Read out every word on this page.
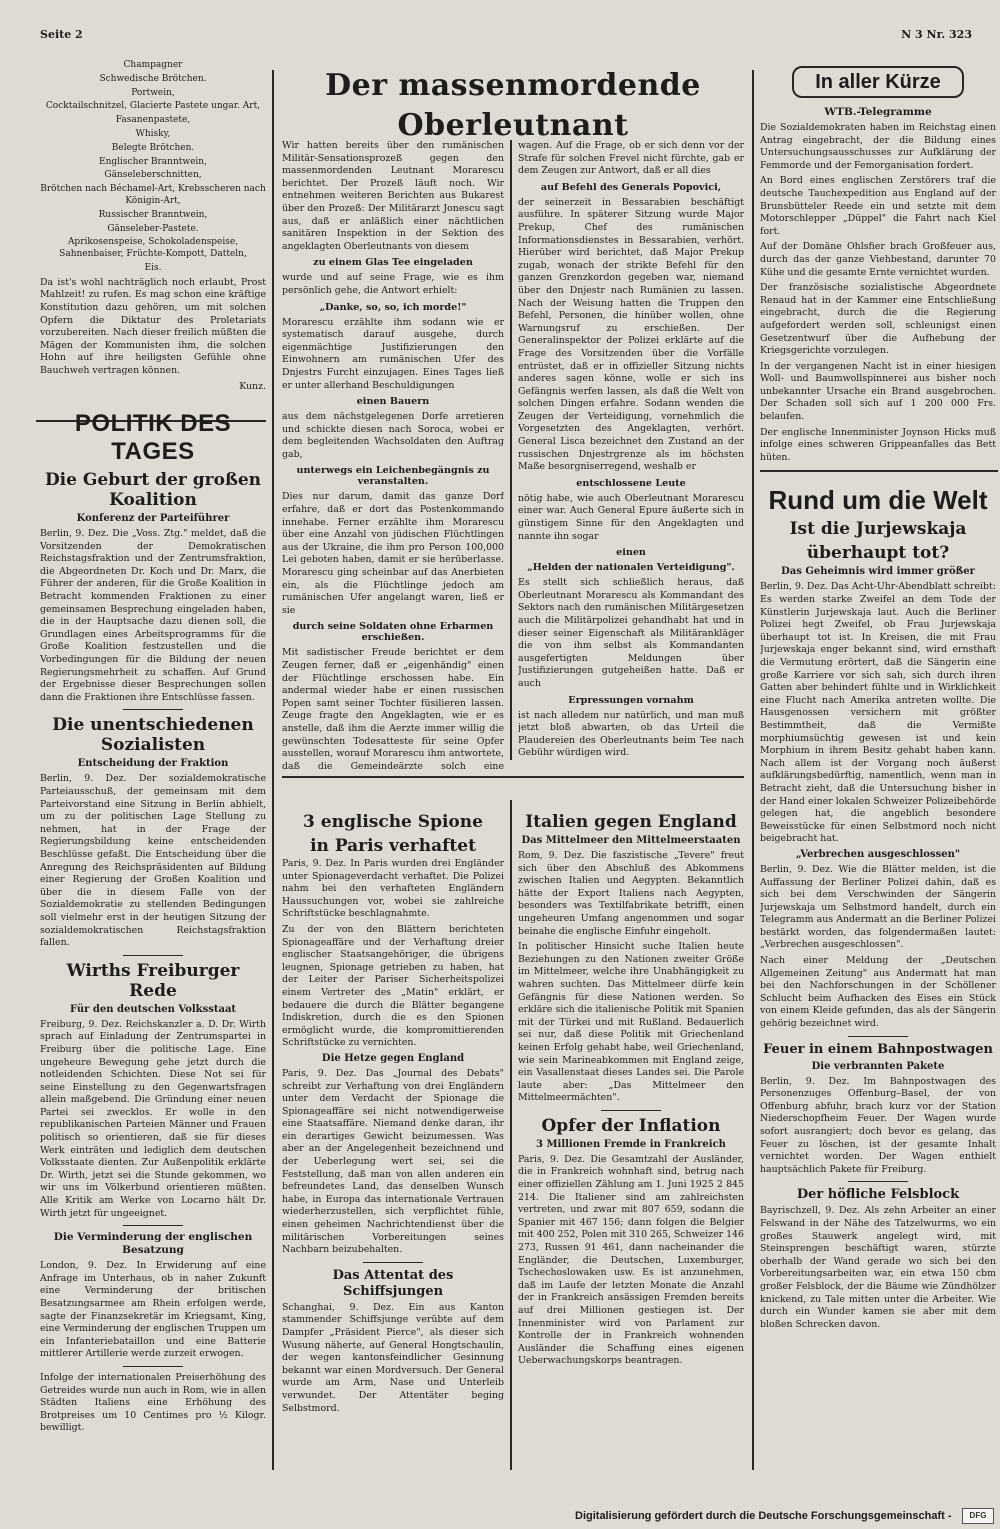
Seite 2	N 3 Nr. 323

Champagner

Schwedische Brötchen.

Portwein,

Cocktailschnitzel, Glacierte Pastete ungar. Art,

Fasanenpastete,

Whisky,

Belegte Brötchen.

Englischer Branntwein,

Gänseleberschnitten,

Brötchen nach Béchamel-Art, Krebsscheren nach Königin-Art,

Russischer Branntwein,

Gänseleber-Pastete.

Aprikosenspeise, Schokoladenspeise, Sahnenbaiser, Früchte-Kompott, Datteln,

Eis.

Da ist's wohl nachträglich noch erlaubt, Prost Mahlzeit! zu rufen. Es mag schon eine kräftige Konstitution dazu gehören, um mit solchen Opfern die Diktatur des Proletariats vorzubereiten. Nach dieser freilich müßten die Mägen der Kommunisten ihm, die solchen Hohn auf ihre heiligsten Gefühle ohne Bauchweh vertragen können.

Kunz.

POLITIK DES TAGES
Die Geburt der großen Koalition
Konferenz der Parteiführer

Berlin, 9. Dez. Die „Voss. Ztg." meldet, daß die Vorsitzenden der Demokratischen Reichstagsfraktion und der Zentrumsfraktion, die Abgeordneten Dr. Koch und Dr. Marx, die Führer der anderen, für die Große Koalition in Betracht kommenden Fraktionen zu einer gemeinsamen Besprechung eingeladen haben, die in der Hauptsache dazu dienen soll, die Grundlagen eines Arbeitsprogramms für die Große Koalition festzustellen und die Vorbedingungen für die Bildung der neuen Regierungsmehrheit zu schaffen. Auf Grund der Ergebnisse dieser Besprechungen sollen dann die Fraktionen ihre Entschlüsse fassen.

Die unentschiedenen Sozialisten
Entscheidung der Fraktion

Berlin, 9. Dez. Der sozialdemokratische Parteiausschuß, der gemeinsam mit dem Parteivorstand eine Sitzung in Berlin abhielt, um zu der politischen Lage Stellung zu nehmen, hat in der Frage der Regierungsbildung keine entscheidenden Beschlüsse gefaßt. Die Entscheidung über die Anregung des Reichspräsidenten auf Bildung einer Regierung der Großen Koalition und über die in diesem Falle von der Sozialdemokratie zu stellenden Bedingungen soll vielmehr erst in der heutigen Sitzung der sozialdemokratischen Reichstagsfraktion fallen.

Wirths Freiburger Rede
Für den deutschen Volksstaat

Freiburg, 9. Dez. Reichskanzler a. D. Dr. Wirth sprach auf Einladung der Zentrumspartei in Freiburg über die politische Lage. Eine ungeheure Bewegung gehe jetzt durch die notleidenden Schichten. Diese Not sei für seine Einstellung zu den Gegenwartsfragen allein maßgebend. Die Gründung einer neuen Partei sei zwecklos. Er wolle in den republikanischen Parteien Männer und Frauen politisch so orientieren, daß sie für dieses Werk einträten und lediglich dem deutschen Volksstaate dienten. Zur Außenpolitik erklärte Dr. Wirth, jetzt sei die Stunde gekommen, wo wir uns im Völkerbund orientieren müßten. Alle Kritik am Werke von Locarno hält Dr. Wirth jetzt für ungeeignet.

Die Verminderung der englischen Besatzung

London, 9. Dez. In Erwiderung auf eine Anfrage im Unterhaus, ob in naher Zukunft eine Verminderung der britischen Besatzungsarmee am Rhein erfolgen werde, sagte der Finanzsekretär im Kriegsamt, King, eine Verminderung der englischen Truppen um ein Infanteriebataillon und eine Batterie mittlerer Artillerie werde zurzeit erwogen.

Infolge der internationalen Preiserhöhung des Getreides wurde nun auch in Rom, wie in allen Städten Italiens eine Erhöhung des Brotpreises um 10 Centimes pro ½ Kilogr. bewilligt.

Der massenmordende Oberleutnant

Wir hatten bereits über den rumänischen Militär-Sensationsprozeß gegen den massenmordenden Leutnant Morarescu berichtet. Der Prozeß läuft noch. Wir entnehmen weiteren Berichten aus Bukarest über den Prozeß: Der Militärarzt Jonescu sagt aus, daß er anläßlich einer nächtlichen sanitären Inspektion in der Sektion des angeklagten Oberleutnants von diesem

zu einem Glas Tee eingeladen

wurde und auf seine Frage, wie es ihm persönlich gehe, die Antwort erhielt:

„Danke, so, so, ich morde!"

Morarescu erzählte ihm sodann wie er systematisch darauf ausgehe, durch eigenmächtige Justifizierungen den Einwohnern am rumänischen Ufer des Dnjestrs Furcht einzujagen. Eines Tages ließ er unter allerhand Beschuldigungen

einen Bauern

aus dem nächstgelegenen Dorfe arretieren und schickte diesen nach Soroca, wobei er dem begleitenden Wachsoldaten den Auftrag gab,

unterwegs ein Leichenbegängnis zu veranstalten.

Dies nur darum, damit das ganze Dorf erfahre, daß er dort das Postenkommando innehabe. Ferner erzählte ihm Morarescu über eine Anzahl von jüdischen Flüchtlingen aus der Ukraine, die ihm pro Person 100,000 Lei geboten haben, damit er sie herüberlasse. Morarescu ging scheinbar auf das Anerbieten ein, als die Flüchtlinge jedoch am rumänischen Ufer angelangt waren, ließ er sie

durch seine Soldaten ohne Erbarmen erschießen.

Mit sadistischer Freude berichtet er dem Zeugen ferner, daß er „eigenhändig" einen der Flüchtlinge erschossen habe. Ein andermal wieder habe er einen russischen Popen samt seiner Tochter füsilieren lassen. Zeuge fragte den Angeklagten, wie er es anstelle, daß ihm die Aerzte immer willig die gewünschten Todesatteste für seine Opfer ausstellen, worauf Morarescu ihm antwortete, daß die Gemeindeärzte solch eine

wagen. Auf die Frage, ob er sich denn vor der Strafe für solchen Frevel nicht fürchte, gab er dem Zeugen zur Antwort, daß er all dies

auf Befehl des Generals Popovici,

der seinerzeit in Bessarabien beschäftigt ausführe. In späterer Sitzung wurde Major Prekup, Chef des rumänischen Informationsdienstes in Bessarabien, verhört. Hierüber wird berichtet, daß Major Prekup zugab, wonach der strikte Befehl für den ganzen Grenzkordon gegeben war, niemand über den Dnjestr nach Rumänien zu lassen. Nach der Weisung hatten die Truppen den Befehl, Personen, die hinüber wollen, ohne Warnungsruf zu erschießen. Der Generalinspektor der Polizei erklärte auf die Frage des Vorsitzenden über die Vorfälle entrüstet, daß er in offizieller Sitzung nichts anderes sagen könne, wolle er sich ins Gefängnis werfen lassen, als daß die Welt von solchen Dingen erfahre. Sodann wenden die Zeugen der Verteidigung, vornehmlich die Vorgesetzten des Angeklagten, verhört. General Lisca bezeichnet den Zustand an der russischen Dnjestrgrenze als im höchsten Maße besorgniserregend, weshalb er

entschlossene Leute

nötig habe, wie auch Oberleutnant Morarescu einer war. Auch General Epure äußerte sich in günstigem Sinne für den Angeklagten und nannte ihn sogar

einen
„Helden der nationalen Verteidigung".

Es stellt sich schließlich heraus, daß Oberleutnant Morarescu als Kommandant des Sektors nach den rumänischen Militärgesetzen auch die Militärpolizei gehandhabt hat und in dieser seiner Eigenschaft als Militärankläger die von ihm selbst als Kommandanten ausgefertigten Meldungen über Justifizierungen gutgeheißen hatte. Daß er auch

Erpressungen vornahm

ist nach alledem nur natürlich, und man muß jetzt bloß abwarten, ob das Urteil die Plaudereien des Oberleutnants beim Tee nach Gebühr würdigen wird.

3 englische Spione
in Paris verhaftet

Paris, 9. Dez. In Paris wurden drei Engländer unter Spionageverdacht verhaftet. Die Polizei nahm bei den verhafteten Engländern Haussuchungen vor, wobei sie zahlreiche Schriftstücke beschlagnahmte.

Zu der von den Blättern berichteten Spionageaffäre und der Verhaftung dreier englischer Staatsangehöriger, die übrigens leugnen, Spionage getrieben zu haben, hat der Leiter der Pariser Sicherheitspolizei einem Vertreter des „Matin" erklärt, er bedauere die durch die Blätter begangene Indiskretion, durch die es den Spionen ermöglicht wurde, die kompromittierenden Schriftstücke zu vernichten.

Die Hetze gegen England

Paris, 9. Dez. Das „Journal des Debats" schreibt zur Verhaftung von drei Engländern unter dem Verdacht der Spionage die Spionageaffäre sei nicht notwendigerweise eine Staatsaffäre. Niemand denke daran, ihr ein derartiges Gewicht beizumessen. Was aber an der Angelegenheit bezeichnend und der Ueberlegung wert sei, sei die Feststellung, daß man von allen anderen ein befreundetes Land, das denselben Wunsch habe, in Europa das internationale Vertrauen wiederherzustellen, sich verpflichtet fühle, einen geheimen Nachrichtendienst über die militärischen Vorbereitungen seines Nachbarn beizubehalten.

Das Attentat des Schiffsjungen

Schanghai, 9. Dez. Ein aus Kanton stammender Schiffsjunge verübte auf dem Dampfer „Präsident Pierce", als dieser sich Wusung näherte, auf General Hongtschaulin, der wegen kantonsfeindlicher Gesinnung bekannt war einen Mordversuch. Der General wurde am Arm, Nase und Unterleib verwundet. Der Attentäter beging Selbstmord.

Italien gegen England
Das Mittelmeer den Mittelmeerstaaten

Rom, 9. Dez. Die faszistische „Tevere" freut sich über den Abschluß des Abkommens zwischen Italien und Aegypten. Bekanntlich hätte der Export Italiens nach Aegypten, besonders was Textilfabrikate betrifft, einen ungeheuren Umfang angenommen und sogar beinahe die englische Einfuhr eingeholt.

In politischer Hinsicht suche Italien heute Beziehungen zu den Nationen zweiter Größe im Mittelmeer, welche ihre Unabhängigkeit zu wahren suchten. Das Mittelmeer dürfe kein Gefängnis für diese Nationen werden. So erkläre sich die italienische Politik mit Spanien mit der Türkei und mit Rußland. Bedauerlich sei nur, daß diese Politik mit Griechenland keinen Erfolg gehabt habe, weil Griechenland, wie sein Marineabkommen mit England zeige, ein Vasallenstaat dieses Landes sei. Die Parole laute aber: „Das Mittelmeer den Mittelmeermächten".

Opfer der Inflation
3 Millionen Fremde in Frankreich

Paris, 9. Dez. Die Gesamtzahl der Ausländer, die in Frankreich wohnhaft sind, betrug nach einer offiziellen Zählung am 1. Juni 1925 2 845 214. Die Italiener sind am zahlreichsten vertreten, und zwar mit 807 659, sodann die Spanier mit 467 156; dann folgen die Belgier mit 400 252, Polen mit 310 265, Schweizer 146 273, Russen 91 461, dann nacheinander die Engländer, die Deutschen, Luxemburger, Tschechoslowaken usw. Es ist anzunehmen, daß im Laufe der letzten Monate die Anzahl der in Frankreich ansässigen Fremden bereits auf drei Millionen gestiegen ist. Der Innenminister wird von Parlament zur Kontrolle der in Frankreich wohnenden Ausländer die Schaffung eines eigenen Ueberwachungskorps beantragen.

In aller Kürze
WTB.-Telegramme

Die Sozialdemokraten haben im Reichstag einen Antrag eingebracht, der die Bildung eines Untersuchungsausschusses zur Aufklärung der Femmorde und der Femorganisation fordert.

An Bord eines englischen Zerstörers traf die deutsche Tauchexpedition aus England auf der Brunsbütteler Reede ein und setzte mit dem Motorschlepper „Düppel" die Fahrt nach Kiel fort.

Auf der Domäne Ohlsfier brach Großfeuer aus, durch das der ganze Viehbestand, darunter 70 Kühe und die gesamte Ernte vernichtet wurden.

Der französische sozialistische Abgeordnete Renaud hat in der Kammer eine Entschließung eingebracht, durch die die Regierung aufgefordert werden soll, schleunigst einen Gesetzentwurf über die Aufhebung der Kriegsgerichte vorzulegen.

In der vergangenen Nacht ist in einer hiesigen Woll- und Baumwollspinnerei aus bisher noch unbekannter Ursache ein Brand ausgebrochen. Der Schaden soll sich auf 1 200 000 Frs. belaufen.

Der englische Innenminister Joynson Hicks muß infolge eines schweren Grippeanfalles das Bett hüten.

Rund um die Welt
Ist die Jurjewskaja
überhaupt tot?
Das Geheimnis wird immer größer

Berlin, 9. Dez. Das Acht-Uhr-Abendblatt schreibt: Es werden starke Zweifel an dem Tode der Künstlerin Jurjewskaja laut. Auch die Berliner Polizei hegt Zweifel, ob Frau Jurjewskaja überhaupt tot ist. In Kreisen, die mit Frau Jurjewskaja enger bekannt sind, wird ernsthaft die Vermutung erörtert, daß die Sängerin eine große Karriere vor sich sah, sich durch ihren Gatten aber behindert fühlte und in Wirklichkeit eine Flucht nach Amerika antreten wollte. Die Hausgenossen versichern mit größter Bestimmtheit, daß die Vermißte morphiumsüchtig gewesen ist und kein Morphium in ihrem Besitz gehabt haben kann. Nach allem ist der Vorgang noch äußerst aufklärungsbedürftig, namentlich, wenn man in Betracht zieht, daß die Untersuchung bisher in der Hand einer lokalen Schweizer Polizeibehörde gelegen hat, die angeblich besondere Beweisstücke für einen Selbstmord noch nicht beigebracht hat.

„Verbrechen ausgeschlossen"

Berlin, 9. Dez. Wie die Blätter melden, ist die Auffassung der Berliner Polizei dahin, daß es sich bei dem Verschwinden der Sängerin Jurjewskaja um Selbstmord handelt, durch ein Telegramm aus Andermatt an die Berliner Polizei bestärkt worden, das folgendermaßen lautet: „Verbrechen ausgeschlossen".

Nach einer Meldung der „Deutschen Allgemeinen Zeitung" aus Andermatt hat man bei den Nachforschungen in der Schöllener Schlucht beim Aufhacken des Eises ein Stück von einem Kleide gefunden, das als der Sängerin gehörig bezeichnet wird.

Feuer in einem Bahnpostwagen
Die verbrannten Pakete

Berlin, 9. Dez. Im Bahnpostwagen des Personenzuges Offenburg–Basel, der von Offenburg abfuhr, brach kurz vor der Station Niederschopfheim Feuer. Der Wagen wurde sofort ausrangiert; doch bevor es gelang, das Feuer zu löschen, ist der gesamte Inhalt vernichtet worden. Der Wagen enthielt hauptsächlich Pakete für Freiburg.

Der höfliche Felsblock

Bayrischzell, 9. Dez. Als zehn Arbeiter an einer Felswand in der Nähe des Tatzelwurms, wo ein großes Stauwerk angelegt wird, mit Steinsprengen beschäftigt waren, stürzte oberhalb der Wand gerade wo sich bei den Vorbereitungsarbeiten war, ein etwa 150 cbm großer Felsblock, der die Bäume wie Zündhölzer knickend, zu Tale mitten unter die Arbeiter. Wie durch ein Wunder kamen sie aber mit dem bloßen Schrecken davon.

Digitalisierung gefördert durch die Deutsche Forschungsgemeinschaft -	DFG
